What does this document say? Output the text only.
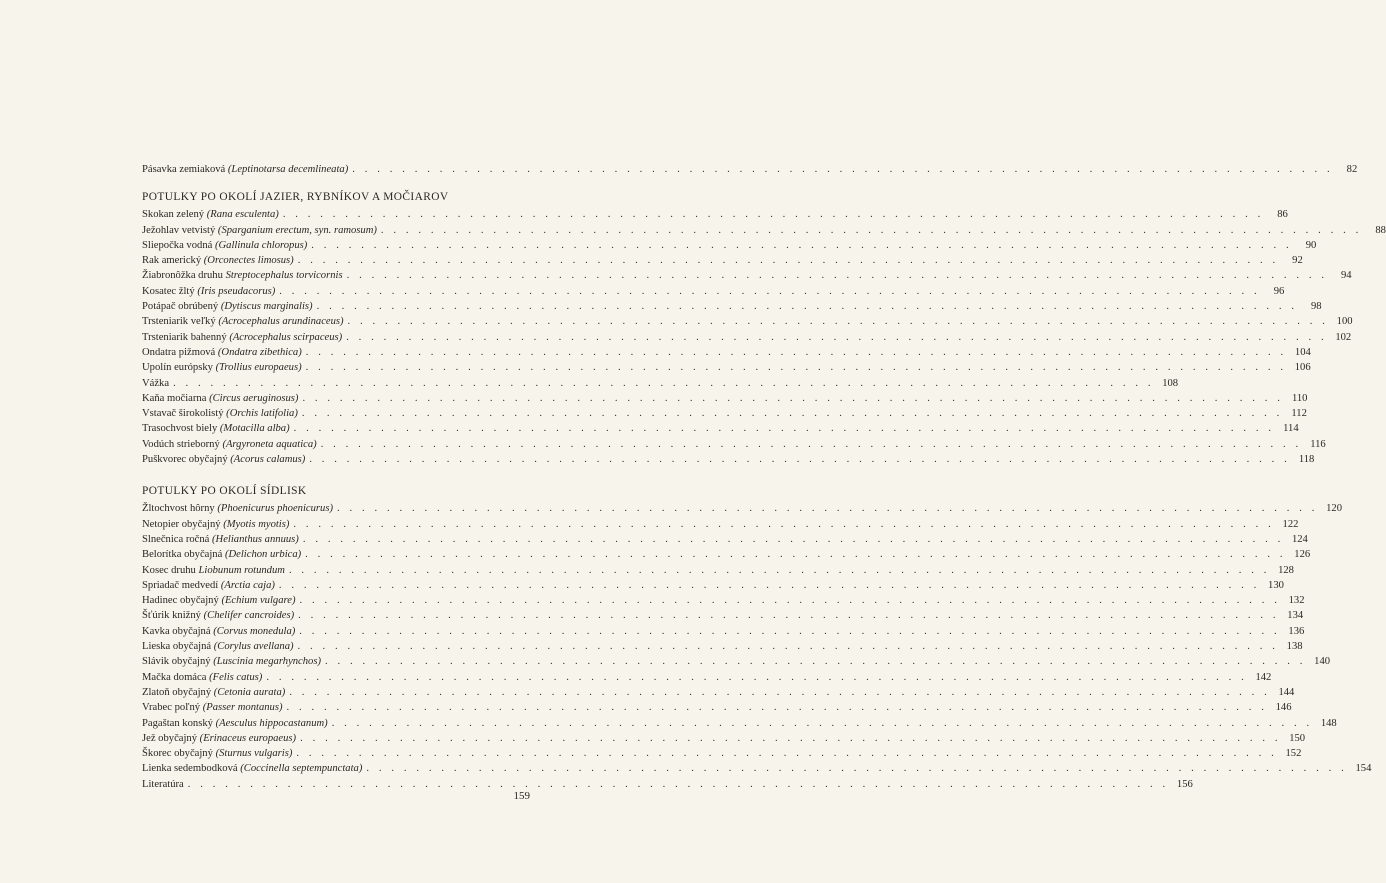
Pásavka zemiaková (Leptinotarsa decemlineata) . . .	82
POTULKY PO OKOLÍ JAZIER, RYBNÍKOV A MOČIAROV
Skokan zelený (Rana esculenta) . . .	86
Ježohlav vetvistý (Sparganium erectum, syn. ramosum) . . .	88
Sliepočka vodná (Gallinula chloropus) . . .	90
Rak americký (Orconectes limosus) . . .	92
Žiabronôžka druhu Streptocephalus torvicornis . . .	94
Kosatec žltý (Iris pseudacorus) . . .	96
Potápač obrúbený (Dytiscus marginalis) . . .	98
Trsteniarik veľký (Acrocephalus arundinaceus) . . .	100
Trsteniarik bahenný (Acrocephalus scirpaceus) . . .	102
Ondatra pižmová (Ondatra zibethica) . . .	104
Upolín európsky (Trollius europaeus) . . .	106
Vážka . . .	108
Kaňa močiarna (Circus aeruginosus) . . .	110
Vstavač širokolistý (Orchis latifolia) . . .	112
Trasochvost biely (Motacilla alba) . . .	114
Vodúch strieborný (Argyroneta aquatica) . . .	116
Puškvorec obyčajný (Acorus calamus) . . .	118
POTULKY PO OKOLÍ SÍDLISK
Žltochvost hôrny (Phoenicurus phoenicurus) . . .	120
Netopier obyčajný (Myotis myotis) . . .	122
Slnečnica ročná (Helianthus annuus) . . .	124
Belorítka obyčajná (Delichon urbica) . . .	126
Kosec druhu Liobunum rotundum . . .	128
Spriadač medvedí (Arctia caja) . . .	130
Hadinec obyčajný (Echium vulgare) . . .	132
Šťúrik knižný (Chelifer cancroides) . . .	134
Kavka obyčajná (Corvus monedula) . . .	136
Lieska obyčajná (Corylus avellana) . . .	138
Slávik obyčajný (Luscinia megarhynchos) . . .	140
Mačka domáca (Felis catus) . . .	142
Zlatoň obyčajný (Cetonia aurata) . . .	144
Vrabec poľný (Passer montanus) . . .	146
Pagaštan konský (Aesculus hippocastanum) . . .	148
Jež obyčajný (Erinaceus europaeus) . . .	150
Škorec obyčajný (Sturnus vulgaris) . . .	152
Lienka sedembodková (Coccinella septempunctata) . . .	154
Literatúra . . .	156
159
